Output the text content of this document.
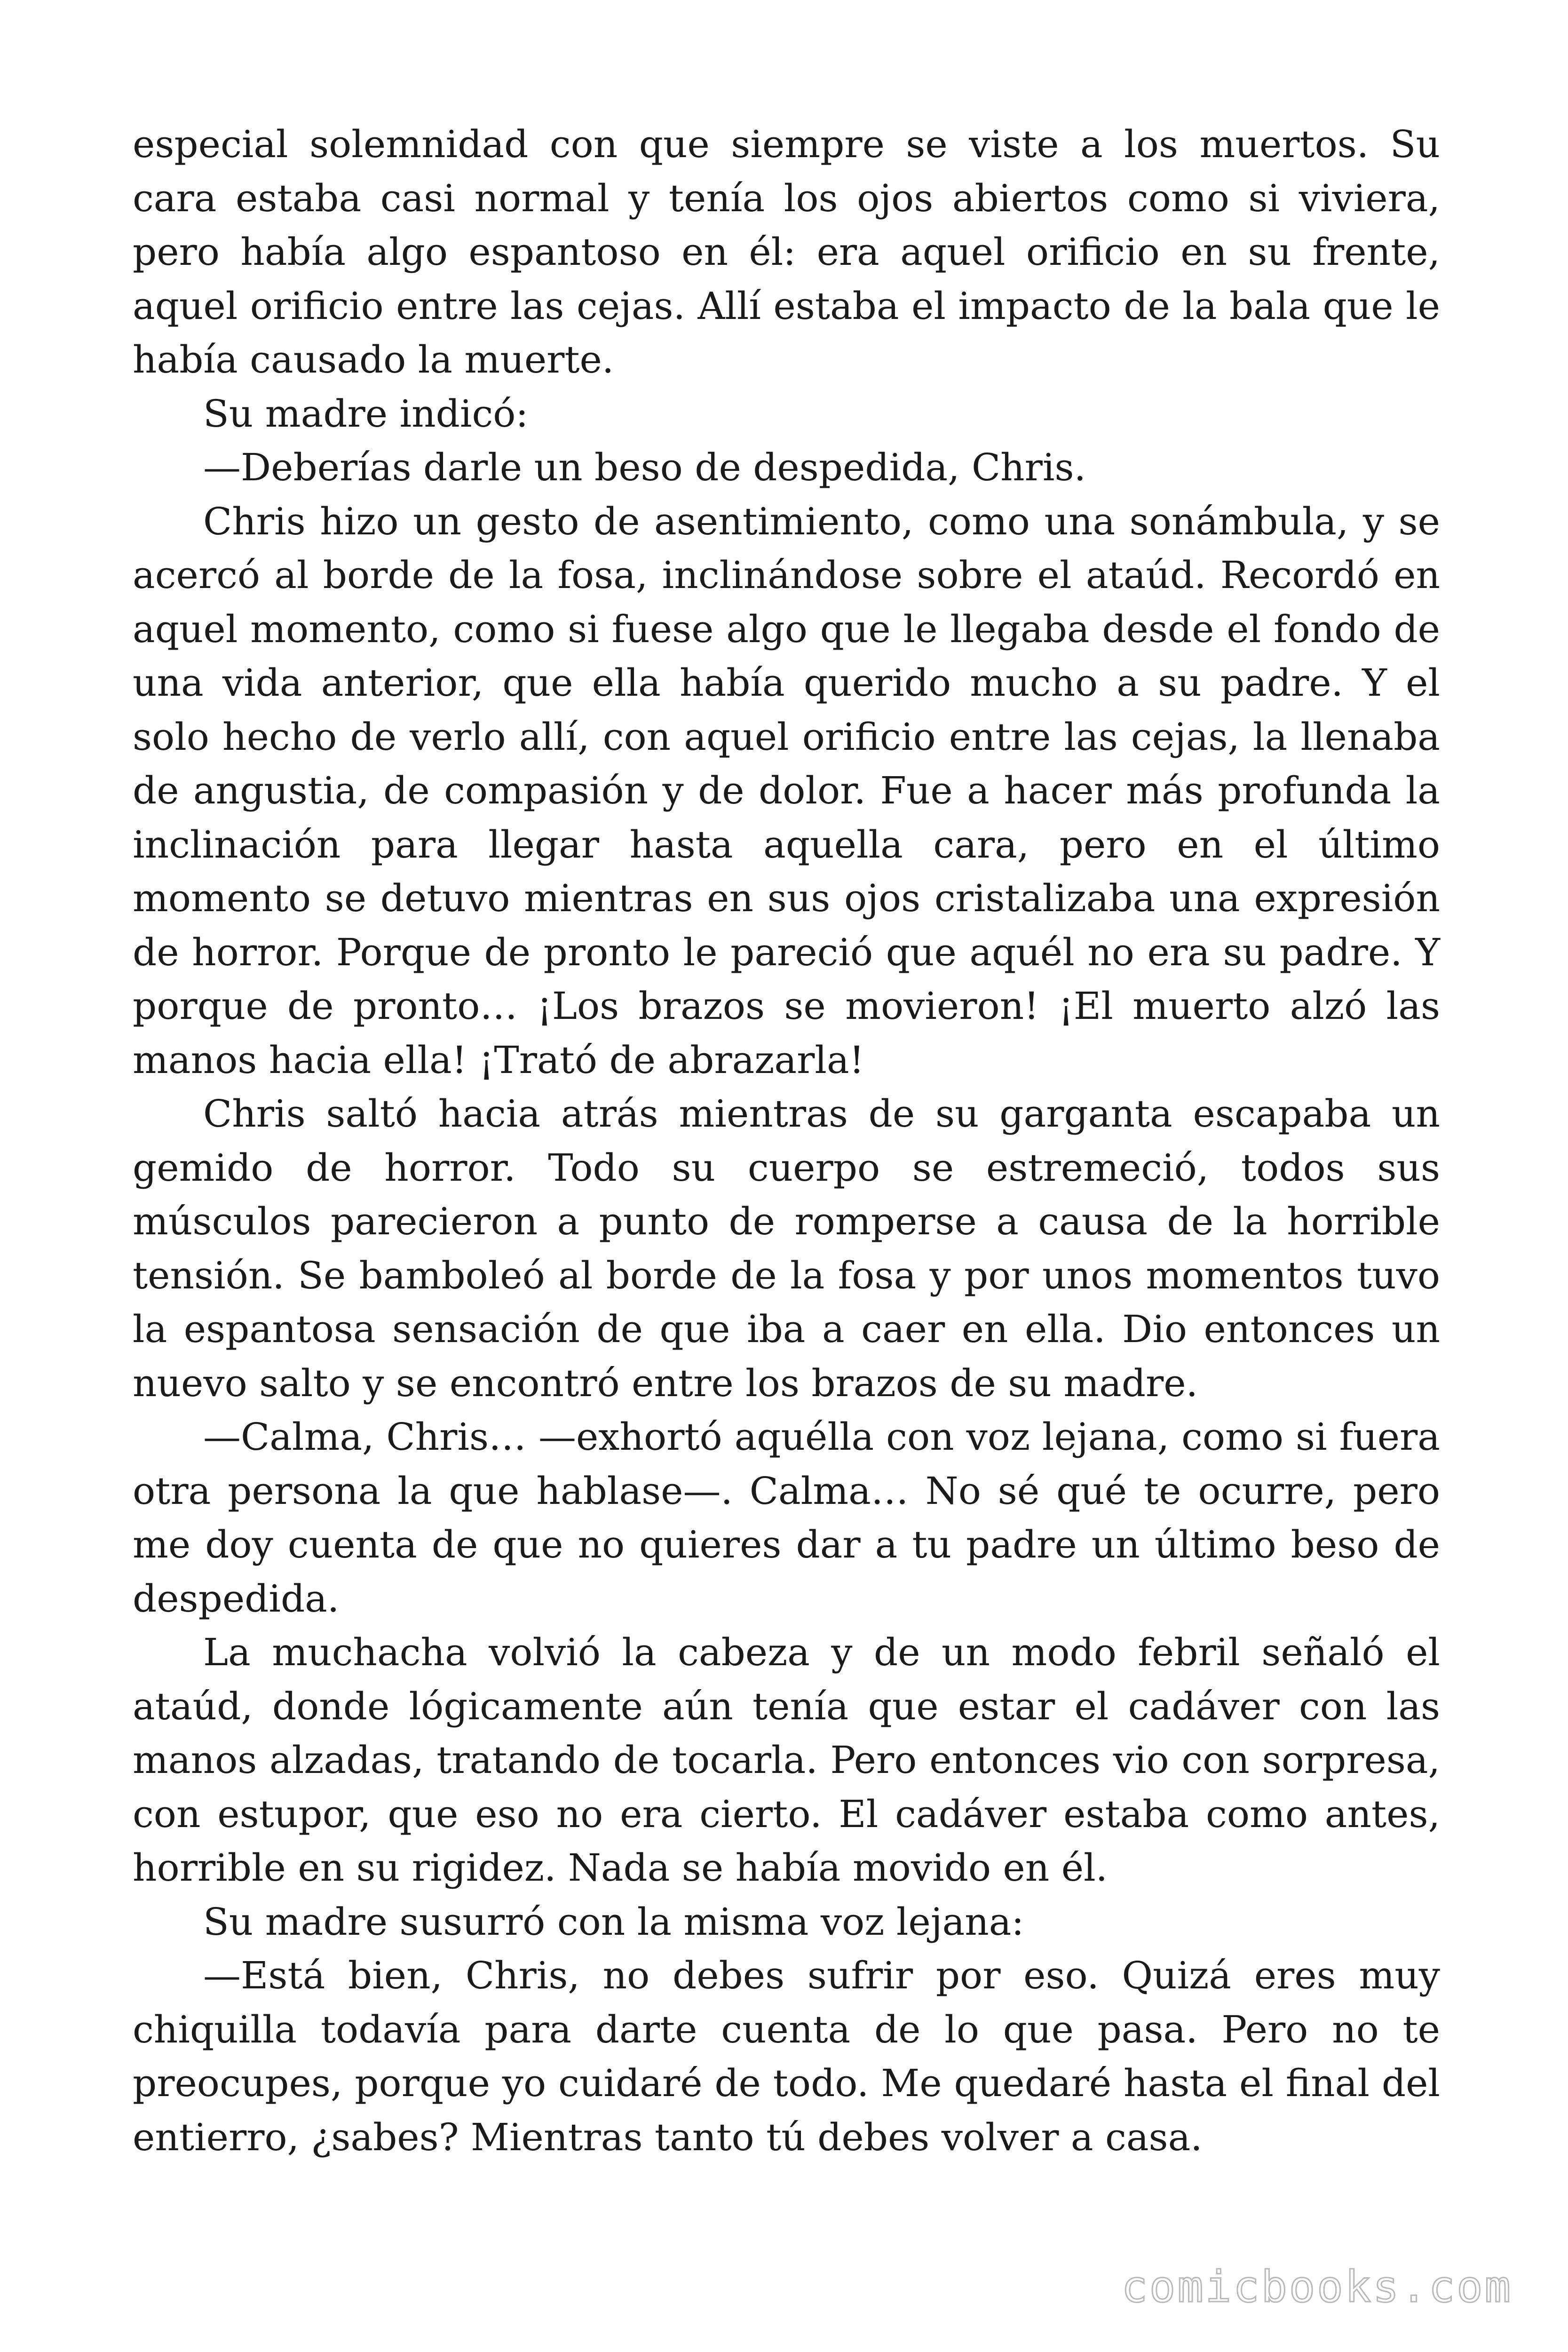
especial solemnidad con que siempre se viste a los muertos. Su cara estaba casi normal y tenía los ojos abiertos como si viviera, pero había algo espantoso en él: era aquel orificio en su frente, aquel orificio entre las cejas. Allí estaba el impacto de la bala que le había causado la muerte.

Su madre indicó:

—Deberías darle un beso de despedida, Chris.

Chris hizo un gesto de asentimiento, como una sonámbula, y se acercó al borde de la fosa, inclinándose sobre el ataúd. Recordó en aquel momento, como si fuese algo que le llegaba desde el fondo de una vida anterior, que ella había querido mucho a su padre. Y el solo hecho de verlo allí, con aquel orificio entre las cejas, la llenaba de angustia, de compasión y de dolor. Fue a hacer más profunda la inclinación para llegar hasta aquella cara, pero en el último momento se detuvo mientras en sus ojos cristalizaba una expresión de horror. Porque de pronto le pareció que aquél no era su padre. Y porque de pronto… ¡Los brazos se movieron! ¡El muerto alzó las manos hacia ella! ¡Trató de abrazarla!

Chris saltó hacia atrás mientras de su garganta escapaba un gemido de horror. Todo su cuerpo se estremeció, todos sus músculos parecieron a punto de romperse a causa de la horrible tensión. Se bamboleó al borde de la fosa y por unos momentos tuvo la espantosa sensación de que iba a caer en ella. Dio entonces un nuevo salto y se encontró entre los brazos de su madre.

—Calma, Chris… —exhortó aquélla con voz lejana, como si fuera otra persona la que hablase—. Calma… No sé qué te ocurre, pero me doy cuenta de que no quieres dar a tu padre un último beso de despedida.

La muchacha volvió la cabeza y de un modo febril señaló el ataúd, donde lógicamente aún tenía que estar el cadáver con las manos alzadas, tratando de tocarla. Pero entonces vio con sorpresa, con estupor, que eso no era cierto. El cadáver estaba como antes, horrible en su rigidez. Nada se había movido en él.

Su madre susurró con la misma voz lejana:

—Está bien, Chris, no debes sufrir por eso. Quizá eres muy chiquilla todavía para darte cuenta de lo que pasa. Pero no te preocupes, porque yo cuidaré de todo. Me quedaré hasta el final del entierro, ¿sabes? Mientras tanto tú debes volver a casa.

comicbooks.com
